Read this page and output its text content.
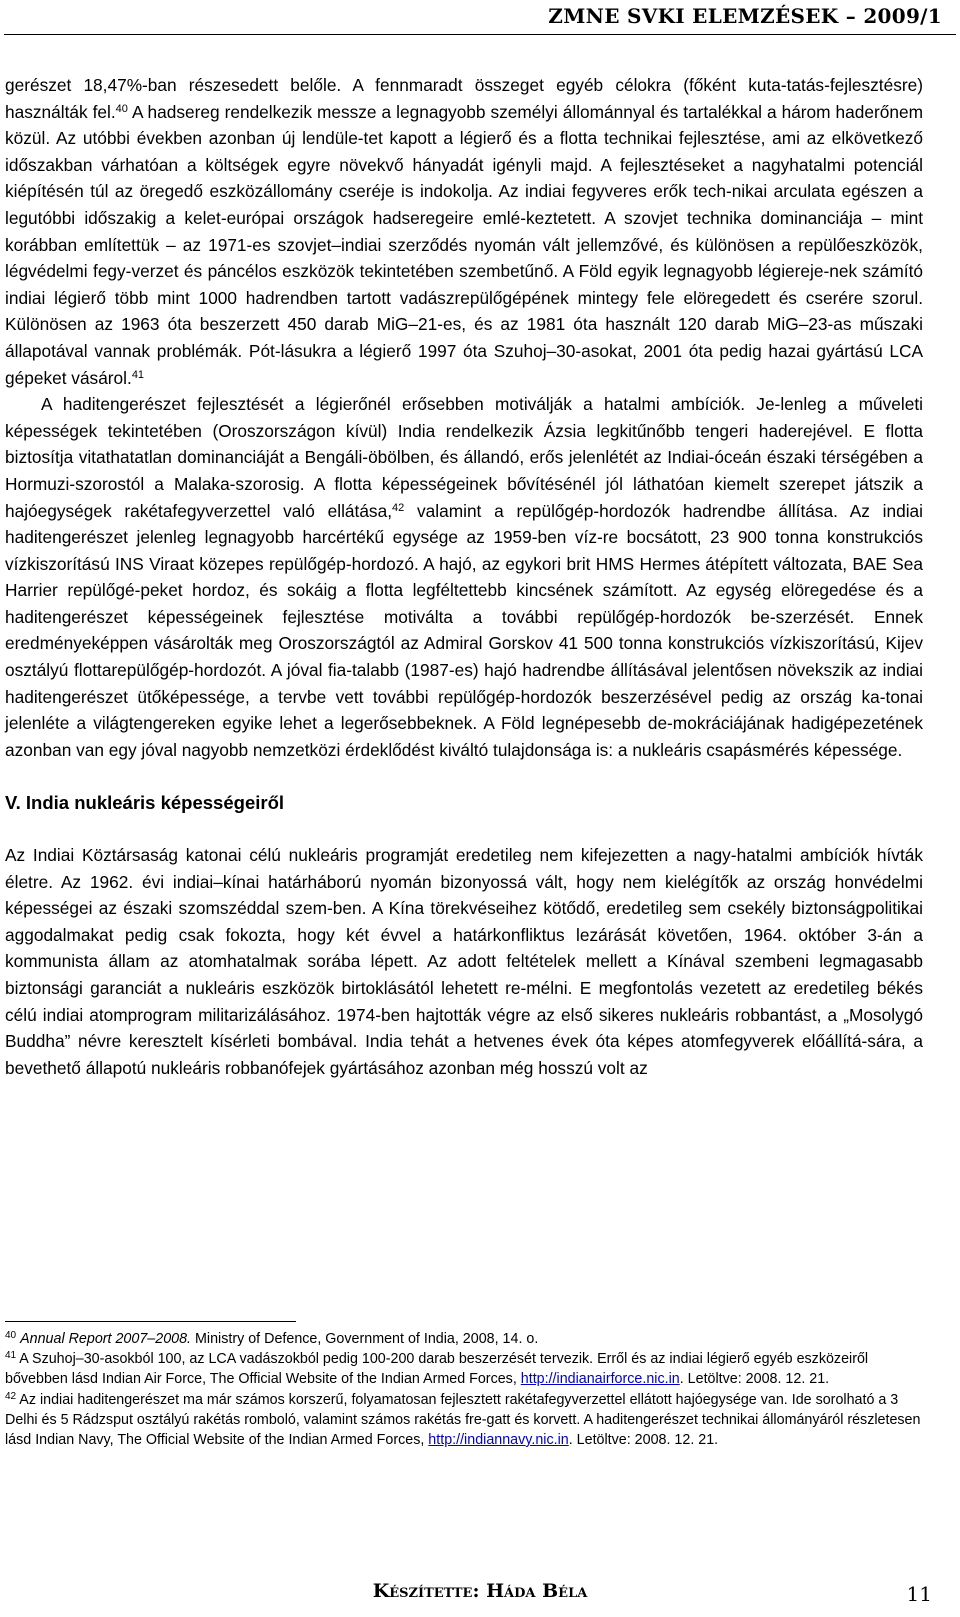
ZMNE SVKI ELEMZÉSEK – 2009/1

gerészet 18,47%-ban részesedett belőle. A fennmaradt összeget egyéb célokra (főként kuta-tatás-fejlesztésre) használták fel.$^{40}$ A hadsereg rendelkezik messze a legnagyobb személyi állománnyal és tartalékkal a három haderőnem közül. Az utóbbi években azonban új lendüle-tet kapott a légierő és a flotta technikai fejlesztése, ami az elkövetkező időszakban várhatóan a költségek egyre növekvő hányadát igényli majd. A fejlesztéseket a nagyhatalmi potenciál kiépítésén túl az öregedő eszközállomány cseréje is indokolja. Az indiai fegyveres erők tech-nikai arculata egészen a legutóbbi időszakig a kelet-európai országok hadseregeire emlé-keztetett. A szovjet technika dominanciája – mint korábban említettük – az 1971-es szovjet–indiai szerződés nyomán vált jellemzővé, és különösen a repülőeszközök, légvédelmi fegy-verzet és páncélos eszközök tekintetében szembetűnő. A Föld egyik legnagyobb légiereje-nek számító indiai légierő több mint 1000 hadrendben tartott vadászrepülőgépének mintegy fele elöregedett és cserére szorul. Különösen az 1963 óta beszerzett 450 darab MiG–21-es, és az 1981 óta használt 120 darab MiG–23-as műszaki állapotával vannak problémák. Pót-lásukra a légierő 1997 óta Szuhoj–30-asokat, 2001 óta pedig hazai gyártású LCA gépeket vásárol.$^{41}$

A haditengerészet fejlesztését a légierőnél erősebben motiválják a hatalmi ambíciók. Je-lenleg a műveleti képességek tekintetében (Oroszországon kívül) India rendelkezik Ázsia legkitűnőbb tengeri haderejével. E flotta biztosítja vitathatatlan dominanciáját a Bengáli-öbölben, és állandó, erős jelenlétét az Indiai-óceán északi térségében a Hormuzi-szorostól a Malaka-szorosig. A flotta képességeinek bővítésénél jól láthatóan kiemelt szerepet játszik a hajóegységek rakétafegyverzettel való ellátása,$^{42}$ valamint a repülőgép-hordozók hadrendbe állítása. Az indiai haditengerészet jelenleg legnagyobb harcértékű egysége az 1959-ben víz-re bocsátott, 23 900 tonna konstrukciós vízkiszorítású INS Viraat közepes repülőgép-hordozó. A hajó, az egykori brit HMS Hermes átépített változata, BAE Sea Harrier repülőgé-peket hordoz, és sokáig a flotta legféltettebb kincsének számított. Az egység elöregedése és a haditengerészet képességeinek fejlesztése motiválta a további repülőgép-hordozók be-szerzését. Ennek eredményeképpen vásárolták meg Oroszországtól az Admiral Gorskov 41 500 tonna konstrukciós vízkiszorítású, Kijev osztályú flottarepülőgép-hordozót. A jóval fia-talabb (1987-es) hajó hadrendbe állításával jelentősen növekszik az indiai haditengerészet ütőképessége, a tervbe vett további repülőgép-hordozók beszerzésével pedig az ország ka-tonai jelenléte a világtengereken egyike lehet a legerősebbeknek. A Föld legnépesebb de-mokráciájának hadigépezetének azonban van egy jóval nagyobb nemzetközi érdeklődést kiváltó tulajdonsága is: a nukleáris csapásmérés képessége.

V. India nukleáris képességeiről

Az Indiai Köztársaság katonai célú nukleáris programját eredetileg nem kifejezetten a nagy-hatalmi ambíciók hívták életre. Az 1962. évi indiai–kínai határháború nyomán bizonyossá vált, hogy nem kielégítők az ország honvédelmi képességei az északi szomszéddal szem-ben. A Kína törekvéseihez kötődő, eredetileg sem csekély biztonságpolitikai aggodalmakat pedig csak fokozta, hogy két évvel a határkonfliktus lezárását követően, 1964. október 3-án a kommunista állam az atomhatalmak sorába lépett. Az adott feltételek mellett a Kínával szembeni legmagasabb biztonsági garanciát a nukleáris eszközök birtoklásától lehetett re-mélni. E megfontolás vezetett az eredetileg békés célú indiai atomprogram militarizálásához. 1974-ben hajtották végre az első sikeres nukleáris robbantást, a „Mosolygó Buddha” névre keresztelt kísérleti bombával. India tehát a hetvenes évek óta képes atomfegyverek előállítá-sára, a bevethető állapotú nukleáris robbanófejek gyártásához azonban még hosszú volt az

$^{40}$ Annual Report 2007–2008. Ministry of Defence, Government of India, 2008, 14. o.

$^{41}$ A Szuhoj–30-asokból 100, az LCA vadászokból pedig 100-200 darab beszerzését tervezik. Erről és az indiai légierő egyéb eszközeiről bővebben lásd Indian Air Force, The Official Website of the Indian Armed Forces, http://indianairforce.nic.in. Letöltve: 2008. 12. 21.

$^{42}$ Az indiai haditengerészet ma már számos korszerű, folyamatosan fejlesztett rakétafegyverzettel ellátott hajóegysége van. Ide sorolható a 3 Delhi és 5 Rádzsput osztályú rakétás romboló, valamint számos rakétás fre-gatt és korvett. A haditengerészet technikai állományáról részletesen lásd Indian Navy, The Official Website of the Indian Armed Forces, http://indiannavy.nic.in. Letöltve: 2008. 12. 21.

Készítette: Háda Béla	11
